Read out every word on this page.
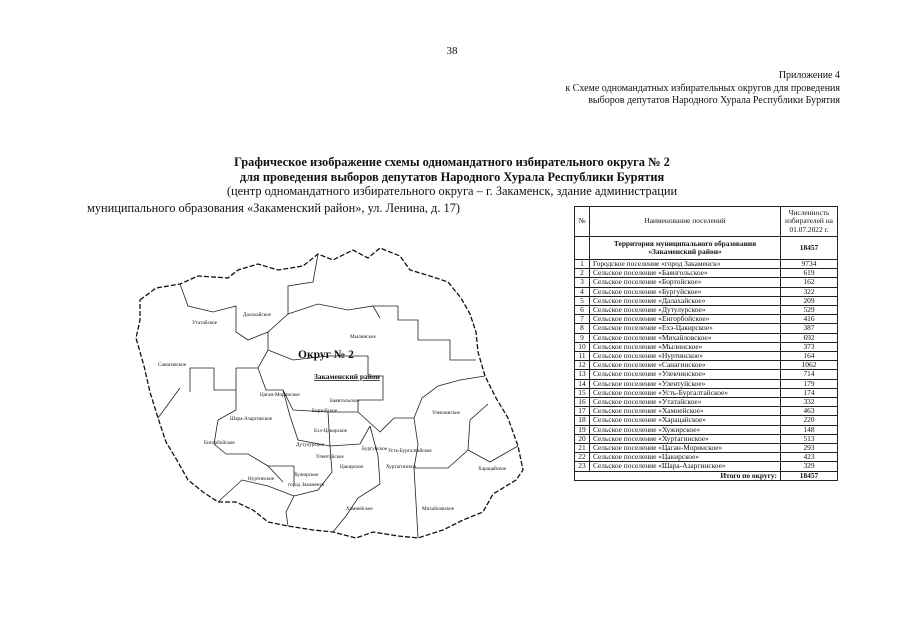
38
Приложение 4
к Схеме одномандатных избирательных округов для проведения
выборов депутатов Народного Хурала Республики Бурятия
Графическое изображение схемы одномандатного избирательного округа № 2
для проведения выборов депутатов Народного Хурала Республики Бурятия
(центр одномандатного избирательного округа – г. Закаменск, здание администрации
муниципального образования «Закаменский район», ул. Ленина, д. 17)
№	Наименование поселений	Численность избирателей на 01.07.2022 г.
	Территория муниципального образования «Закаменский район»	18457
1	Городское поселение «город Закаменск»	9734
2	Сельское поселение «Баянгольское»	619
3	Сельское поселение «Бортойское»	162
4	Сельское поселение «Бургуйское»	322
5	Сельское поселение «Далахайское»	209
6	Сельское поселение «Дутулурское»	529
7	Сельское поселение «Енгорбойское»	416
8	Сельское поселение «Ехэ-Цакирское»	387
9	Сельское поселение «Михайловское»	692
10	Сельское поселение «Мылинское»	373
11	Сельское поселение «Нуртинское»	164
12	Сельское поселение «Санагинское»	1062
13	Сельское поселение «Улекчинское»	714
14	Сельское поселение «Улентуйское»	179
15	Сельское поселение «Усть-Бургалтайское»	174
16	Сельское поселение «Утатайское»	332
17	Сельское поселение «Хамнейское»	463
18	Сельское поселение «Харацайское»	220
19	Сельское поселение «Хужирское»	148
20	Сельское поселение «Хуртагинское»	513
21	Сельское поселение «Цаган-Моринское»	293
22	Сельское поселение «Цакирское»	423
23	Сельское поселение «Шара-Азаргинское»	329
Итого по округу:		18457
Утатайское
Далахайское
Мылинское
Санагинское
Цаган-Моринское
Баянгольское
Шара-Азаргинское
Бортойское	Улекчинское
Ехэ-Цакирское
Енгорбойское	Дутулурское
Бургуйское Усть-Бургалтайское
Улентуйское
Цакирское	Хуртагинское	Харацайское
Нуртинское
Хужирское
город Закаменск
Хамнейское	Михайловское
Округ № 2
Закаменский район
